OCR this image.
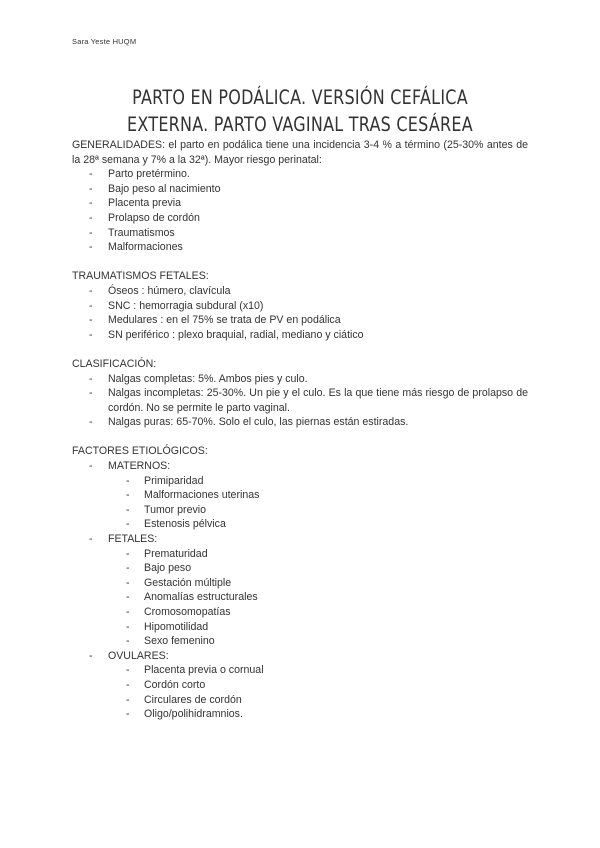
Sara Yeste HUQM
PARTO EN PODÁLICA. VERSIÓN CEFÁLICA EXTERNA. PARTO VAGINAL TRAS CESÁREA

GENERALIDADES: el parto en podálica tiene una incidencia 3-4 % a término (25-30% antes de la 28ª semana y 7% a la 32ª). Mayor riesgo perinatal:

- Parto pretérmino.
- Bajo peso al nacimiento
- Placenta previa
- Prolapso de cordón
- Traumatismos
- Malformaciones

TRAUMATISMOS FETALES:

- Óseos : húmero, clavícula
- SNC : hemorragia subdural (x10)
- Medulares : en el 75% se trata de PV en podálica
- SN periférico : plexo braquial, radial, mediano y ciático

CLASIFICACIÓN:

- Nalgas completas: 5%. Ambos pies y culo.
- Nalgas incompletas: 25-30%. Un pie y el culo. Es la que tiene más riesgo de prolapso de cordón. No se permite le parto vaginal.
- Nalgas puras: 65-70%. Solo el culo, las piernas están estiradas.

FACTORES ETIOLÓGICOS:

- MATERNOS:
- Primiparidad
- Malformaciones uterinas
- Tumor previo
- Estenosis pélvica
- FETALES:
- Prematuridad
- Bajo peso
- Gestación múltiple
- Anomalías estructurales
- Cromosomopatías
- Hipomotilidad
- Sexo femenino
- OVULARES:
- Placenta previa o cornual
- Cordón corto
- Circulares de cordón
- Oligo/polihidramnios.
